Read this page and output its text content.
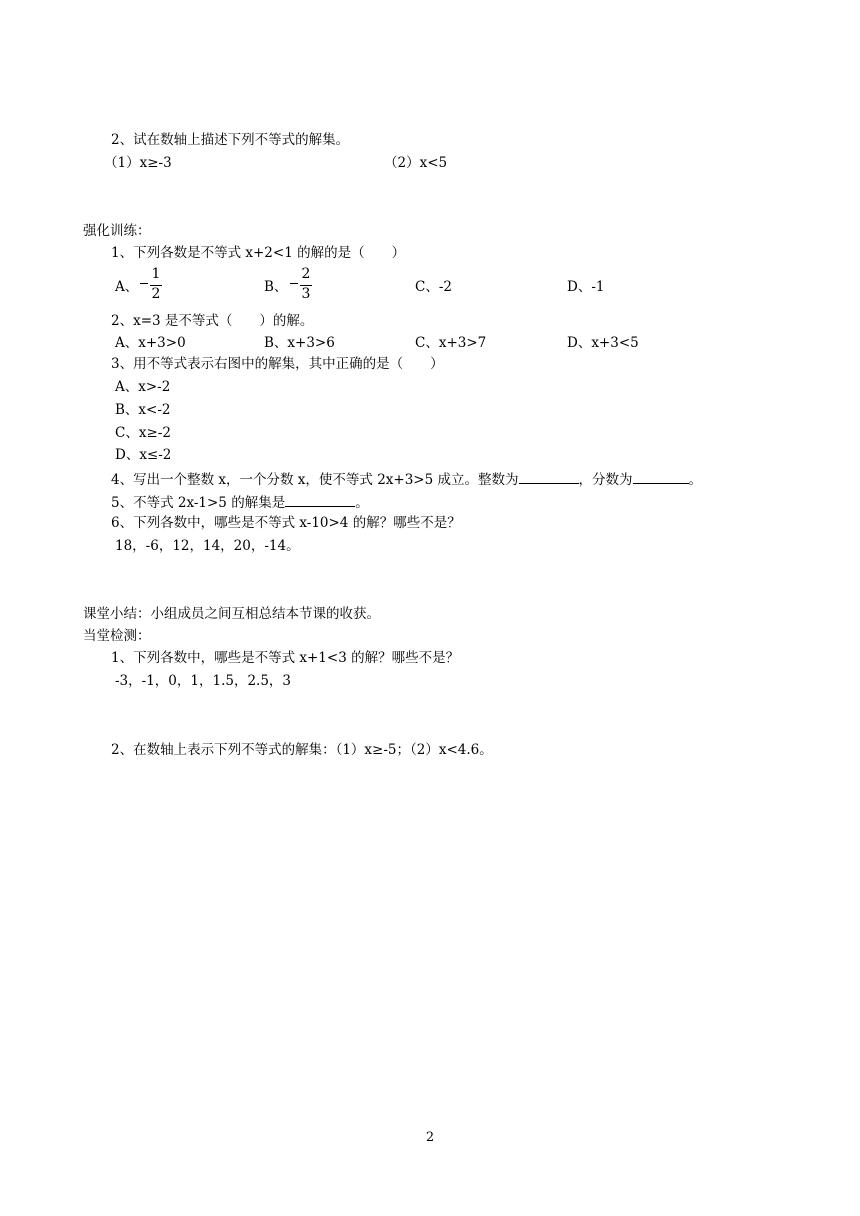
2、试在数轴上描述下列不等式的解集。
（1）x≥-3	（2）x<5
强化训练：
1、下列各数是不等式 x+2<1 的解的是（　　）
A、
1
2	B、
2
3	C、-2	D、-1
2、x=3 是不等式（　　）的解。
A、x+3>0	B、x+3>6	C、x+3>7	D、x+3<5
3、用不等式表示右图中的解集，其中正确的是（　　）
A、x>-2
B、x<-2
C、x≥-2
D、x≤-2
4、写出一个整数 x，一个分数 x，使不等式 2x+3>5 成立。整数为	，分数为	。
5、不等式 2x-1>5 的解集是	。
6、下列各数中，哪些是不等式 x-10>4 的解？哪些不是？
18，-6，12，14，20，-14。
课堂小结：小组成员之间互相总结本节课的收获。
当堂检测：
1、下列各数中，哪些是不等式 x+1<3 的解？哪些不是？
-3，-1，0，1，1.5，2.5，3
2、在数轴上表示下列不等式的解集：（1）x≥-5；（2）x<4.6。
2
